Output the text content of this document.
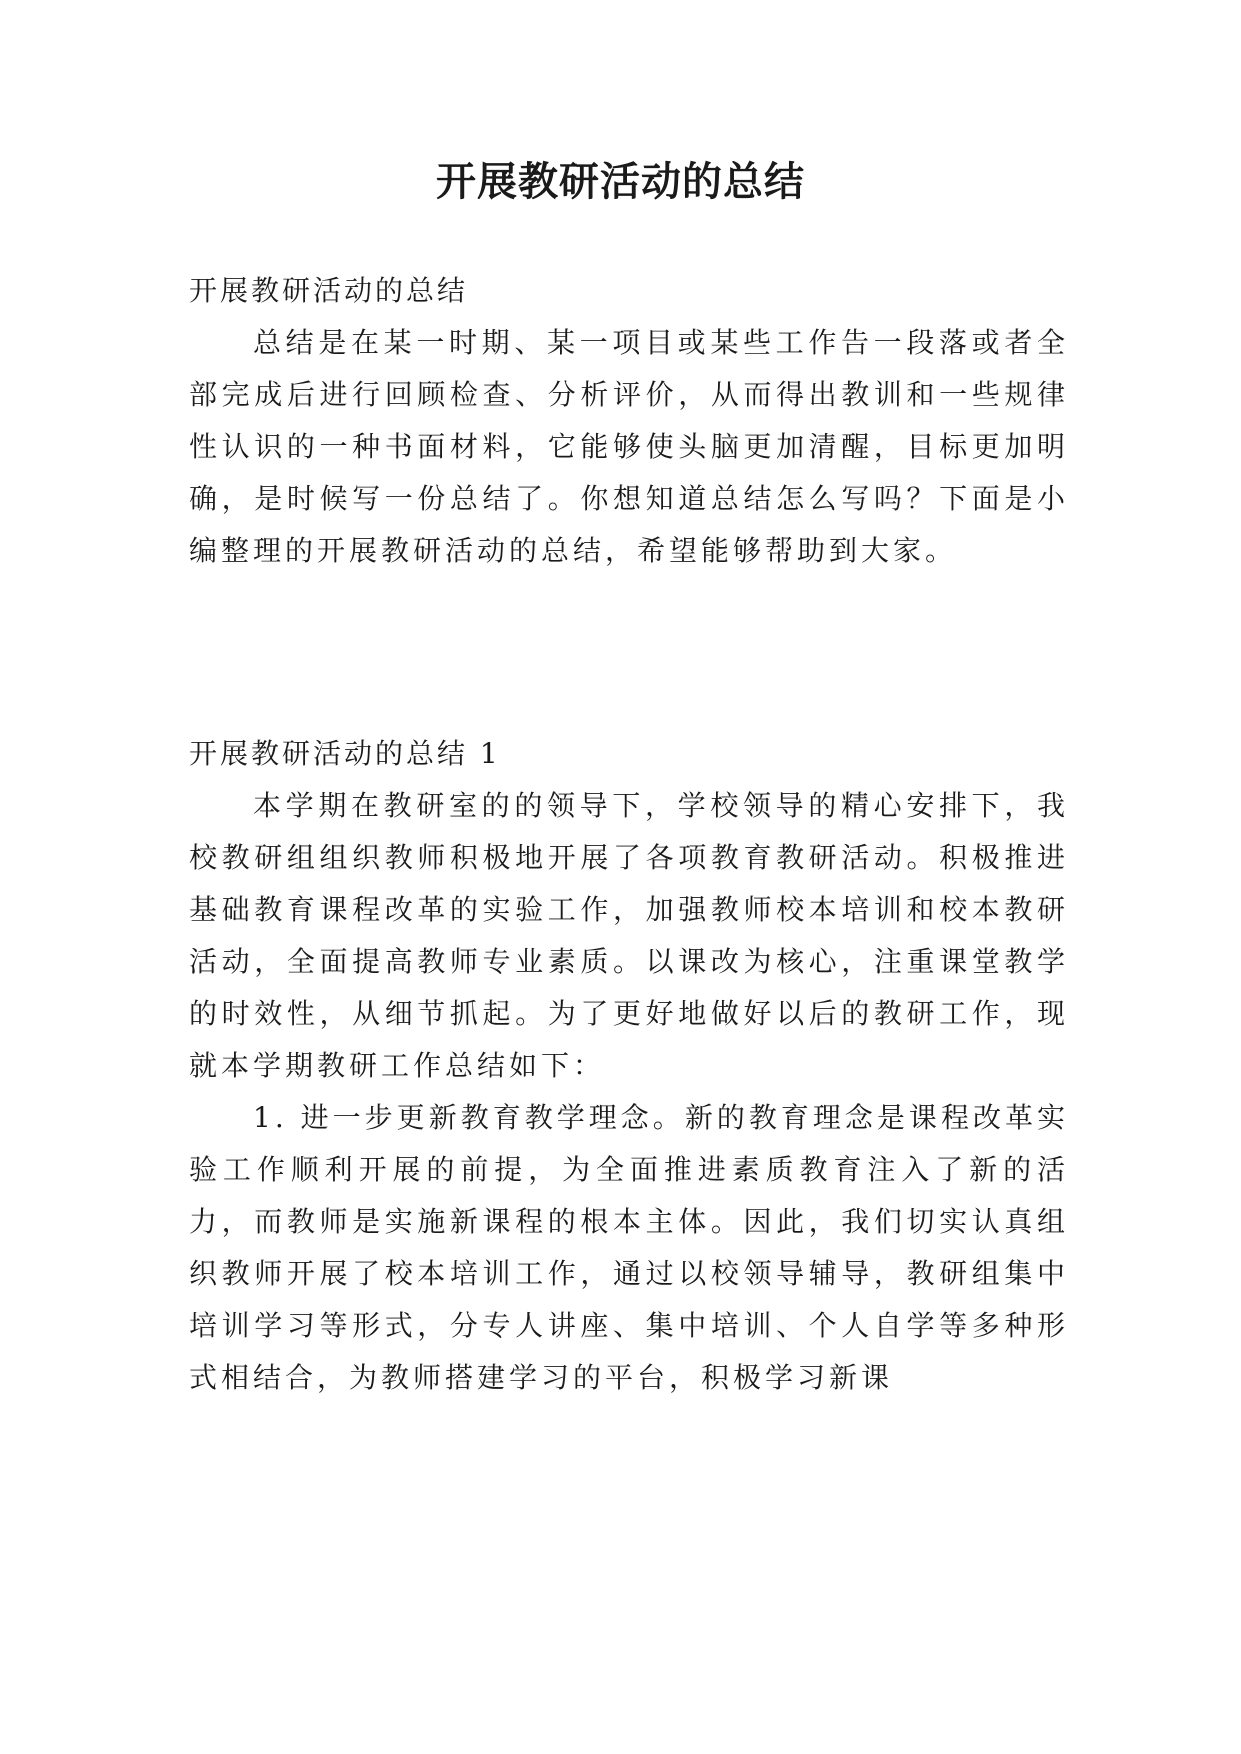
开展教研活动的总结
开展教研活动的总结

总结是在某一时期、某一项目或某些工作告一段落或者全部完成后进行回顾检查、分析评价，从而得出教训和一些规律性认识的一种书面材料，它能够使头脑更加清醒，目标更加明确，是时候写一份总结了。你想知道总结怎么写吗？下面是小编整理的开展教研活动的总结，希望能够帮助到大家。

开展教研活动的总结 1

本学期在教研室的的领导下，学校领导的精心安排下，我校教研组组织教师积极地开展了各项教育教研活动。积极推进基础教育课程改革的实验工作，加强教师校本培训和校本教研活动，全面提高教师专业素质。以课改为核心，注重课堂教学的时效性，从细节抓起。为了更好地做好以后的教研工作，现就本学期教研工作总结如下：

1. 进一步更新教育教学理念。新的教育理念是课程改革实验工作顺利开展的前提，为全面推进素质教育注入了新的活力，而教师是实施新课程的根本主体。因此，我们切实认真组织教师开展了校本培训工作，通过以校领导辅导，教研组集中培训学习等形式，分专人讲座、集中培训、个人自学等多种形式相结合，为教师搭建学习的平台，积极学习新课
